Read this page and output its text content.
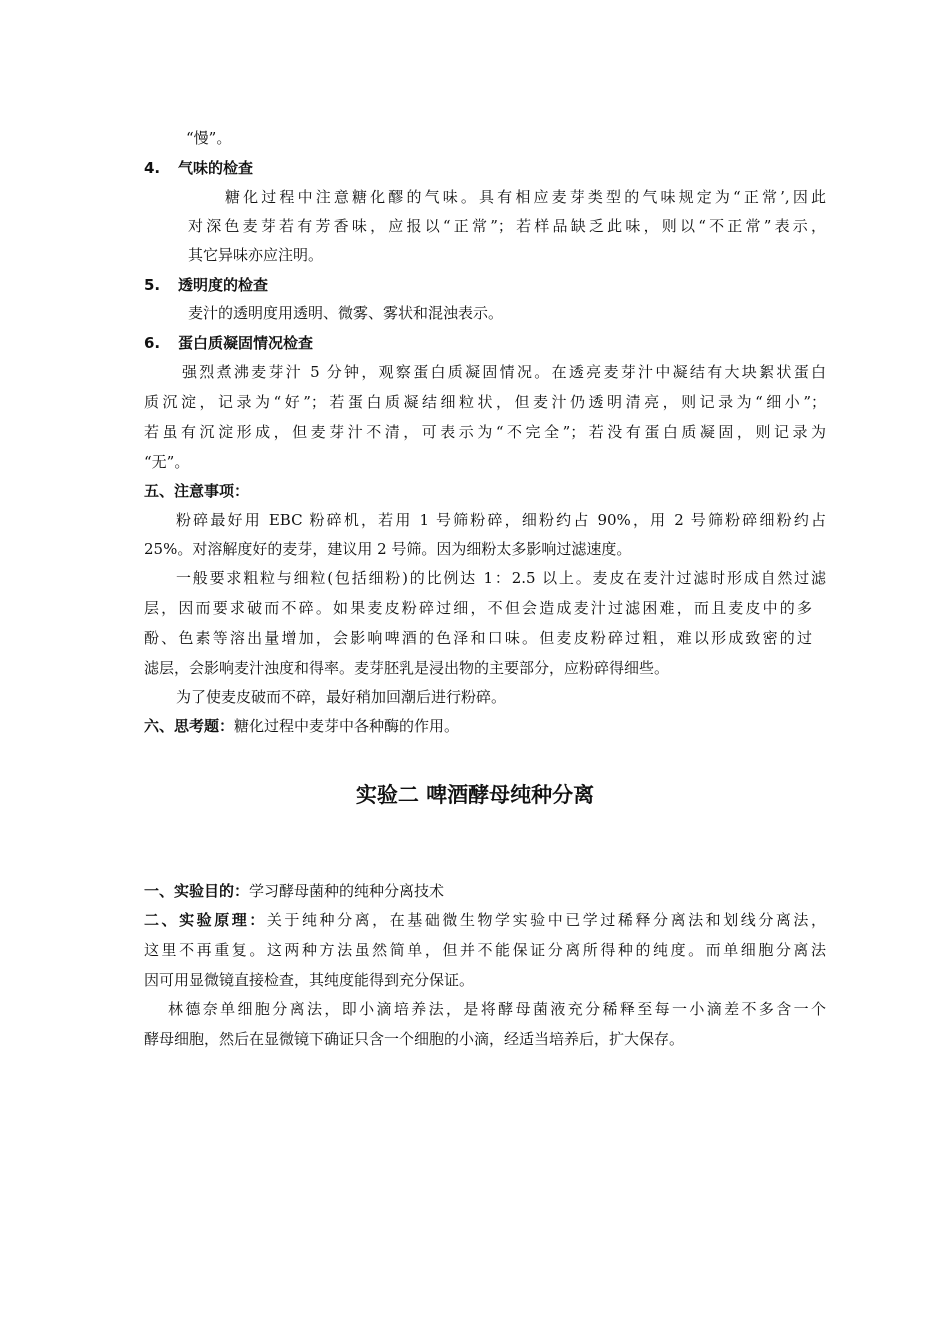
“慢”。
4. 气味的检查
糖化过程中注意糖化醪的气味。具有相应麦芽类型的气味规定为“正常’,因此
对深色麦芽若有芳香味，应报以“正常”；若样品缺乏此味，则以“不正常”表示，
其它异味亦应注明。
5. 透明度的检查
麦汁的透明度用透明、微雾、雾状和混浊表示。
6. 蛋白质凝固情况检查
强烈煮沸麦芽汁 5 分钟，观察蛋白质凝固情况。在透亮麦芽汁中凝结有大块絮状蛋白
质沉淀，记录为“好”；若蛋白质凝结细粒状，但麦汁仍透明清亮，则记录为“细小”；
若虽有沉淀形成，但麦芽汁不清，可表示为“不完全”；若没有蛋白质凝固，则记录为
“无”。
五、注意事项：
粉碎最好用 EBC 粉碎机，若用 1 号筛粉碎，细粉约占 90%，用 2 号筛粉碎细粉约占
25%。对溶解度好的麦芽，建议用 2 号筛。因为细粉太多影响过滤速度。
一般要求粗粒与细粒(包括细粉)的比例达 1：2.5 以上。麦皮在麦汁过滤时形成自然过滤
层，因而要求破而不碎。如果麦皮粉碎过细，不但会造成麦汁过滤困难，而且麦皮中的多
酚、色素等溶出量增加，会影响啤酒的色泽和口味。但麦皮粉碎过粗，难以形成致密的过
滤层，会影响麦汁浊度和得率。麦芽胚乳是浸出物的主要部分，应粉碎得细些。
为了使麦皮破而不碎，最好稍加回潮后进行粉碎。
六、思考题：糖化过程中麦芽中各种酶的作用。
实验二 啤酒酵母纯种分离
一、实验目的：学习酵母菌种的纯种分离技术
二、实验原理：关于纯种分离，在基础微生物学实验中已学过稀释分离法和划线分离法，
这里不再重复。这两种方法虽然简单，但并不能保证分离所得种的纯度。而单细胞分离法
因可用显微镜直接检查，其纯度能得到充分保证。
林德奈单细胞分离法，即小滴培养法，是将酵母菌液充分稀释至每一小滴差不多含一个
酵母细胞，然后在显微镜下确证只含一个细胞的小滴，经适当培养后，扩大保存。
